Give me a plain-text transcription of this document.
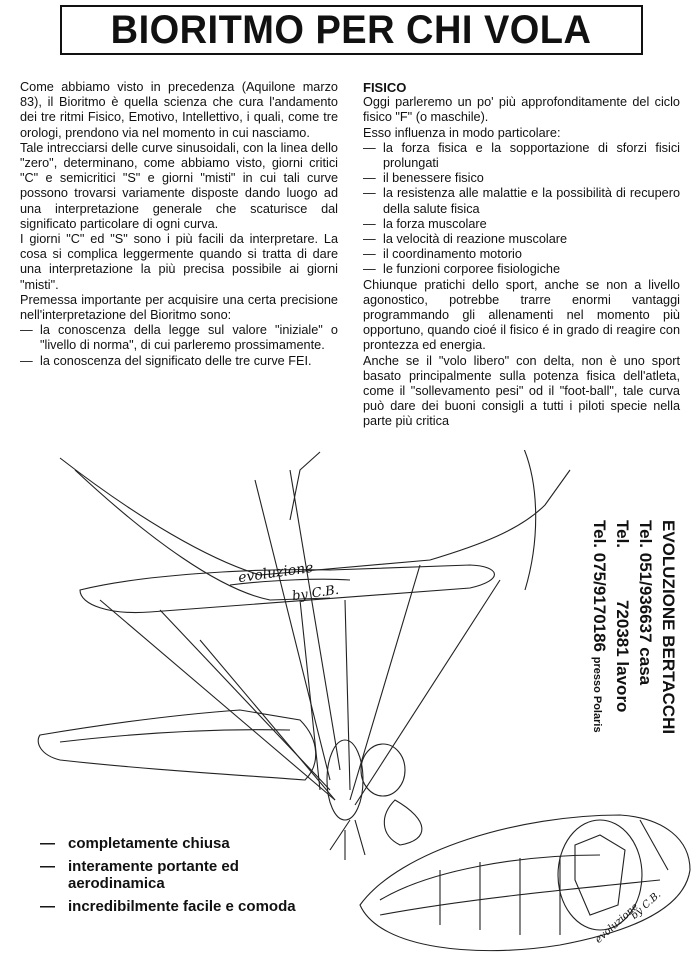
BIORITMO PER CHI VOLA

Come abbiamo visto in precedenza (Aquilone marzo 83), il Bioritmo è quella scienza che cura l'andamento dei tre ritmi Fisico, Emotivo, Intellettivo, i quali, come tre orologi, prendono via nel momento in cui nasciamo.

Tale intrecciarsi delle curve sinusoidali, con la linea dello "zero", determinano, come abbiamo visto, giorni critici "C" e semicritici "S" e giorni "misti" in cui tali curve possono trovarsi variamente disposte dando luogo ad una interpretazione generale che scaturisce dal significato particolare di ogni curva.

I giorni "C" ed "S" sono i più facili da interpretare. La cosa si complica leggermente quando si tratta di dare una interpretazione la più precisa possibile ai giorni "misti".

Premessa importante per acquisire una certa precisione nell'interpretazione del Bioritmo sono:

— la conoscenza della legge sul valore "iniziale" o "livello di norma", di cui parleremo prossimamente.
— la conoscenza del significato delle tre curve FEI.

FISICO

Oggi parleremo un po' più approfonditamente del ciclo fisico "F" (o maschile).

Esso influenza in modo particolare:

— la forza fisica e la sopportazione di sforzi fisici prolungati
— il benessere fisico
— la resistenza alle malattie e la possibilità di recupero della salute fisica
— la forza muscolare
— la velocità di reazione muscolare
— il coordinamento motorio
— le funzioni corporee fisiologiche

Chiunque pratichi dello sport, anche se non a livello agonostico, potrebbe trarre enormi vantaggi programmando gli allenamenti nel momento più opportuno, quando cioé il fisico é in grado di reagire con prontezza ed energia.

Anche se il "volo libero" con delta, non è uno sport basato principalmente sulla potenza fisica dell'atleta, come il "sollevamento pesi" od il "foot-ball", tale curva può dare dei buoni consigli a tutti i piloti specie nella parte più critica

evoluzione
by C.B.
evoluzione
by C.B.
EVOLUZIONE BERTACCHI
Tel. 051/936637 casa
Tel.           720381 lavoro
Tel. 075/9170186 presso Polaris
— completamente chiusa
— interamente portante ed aerodinamica
— incredibilmente facile e comoda
